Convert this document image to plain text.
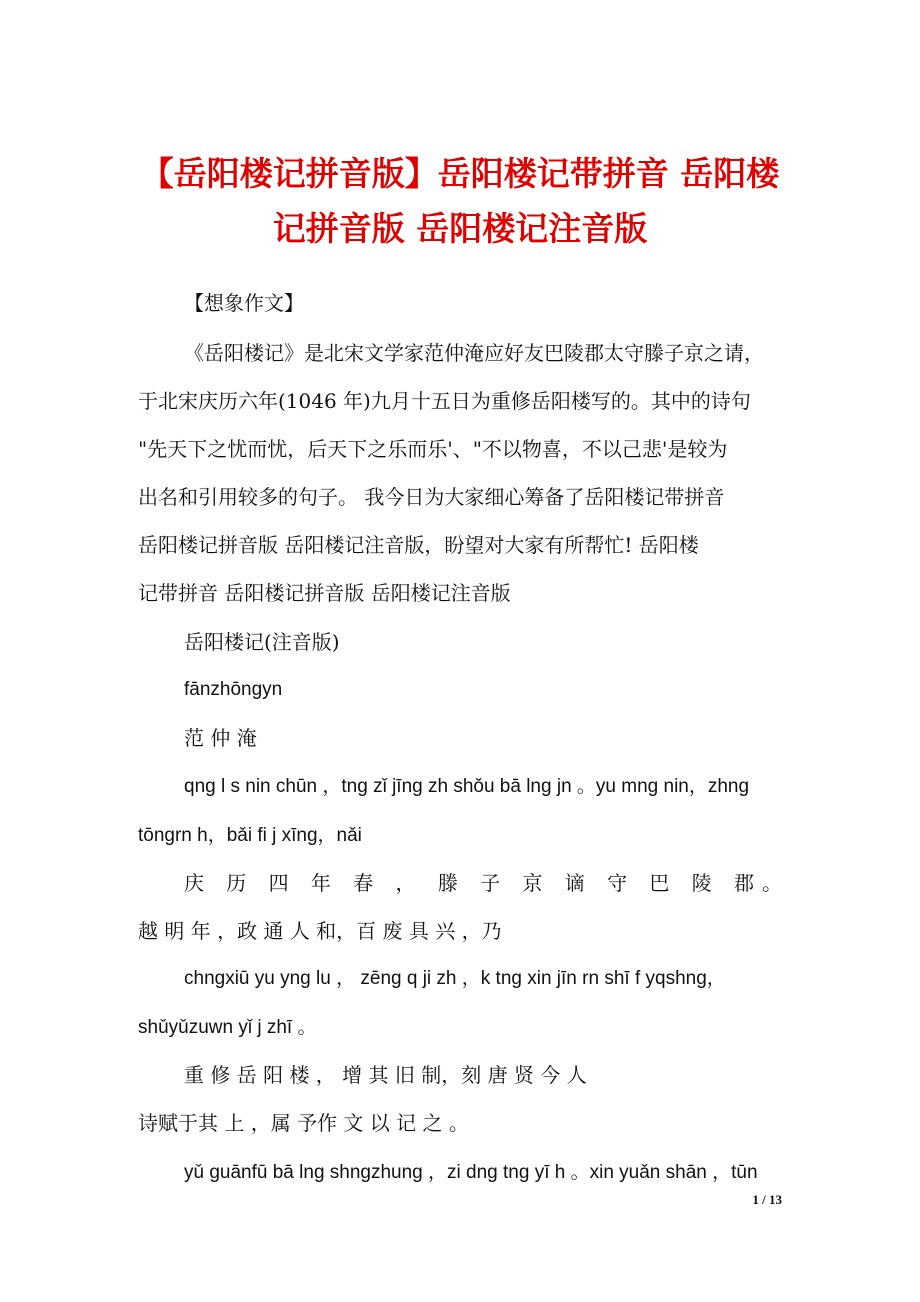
【岳阳楼记拼音版】岳阳楼记带拼音 岳阳楼
记拼音版 岳阳楼记注音版
【想象作文】
《岳阳楼记》是北宋文学家范仲淹应好友巴陵郡太守滕子京之请，
于北宋庆历六年(1046 年)九月十五日为重修岳阳楼写的。其中的诗句
"先天下之忧而忧，后天下之乐而乐'、"不以物喜，不以己悲'是较为
出名和引用较多的句子。 我今日为大家细心筹备了岳阳楼记带拼音
岳阳楼记拼音版 岳阳楼记注音版，盼望对大家有所帮忙! 岳阳楼
记带拼音 岳阳楼记拼音版 岳阳楼记注音版
岳阳楼记(注音版)
fānzhōngyn
范 仲 淹
qng l s nin chūn ，tng zǐ jīng zh shǒu bā lng jn 。yu mng nin，zhng
tōngrn h，bǎi fi j xīng，nǎi
庆 历 四 年 春 ， 滕 子 京 谪 守 巴 陵 郡。
越 明 年 ，政 通 人 和，百 废 具 兴 ，乃
chngxiū yu yng lu ， zēng q ji zh ，k tng xin jīn rn shī f yqshng，
shǔyǔzuwn yǐ j zhī 。
重 修 岳 阳 楼 ， 增 其 旧 制，刻 唐 贤 今 人
诗赋于其 上 ，属 予作 文 以 记 之 。
yǔ guānfū bā lng shngzhung ，zi dng tng yī h 。xin yuǎn shān ，tūn
1 / 13
